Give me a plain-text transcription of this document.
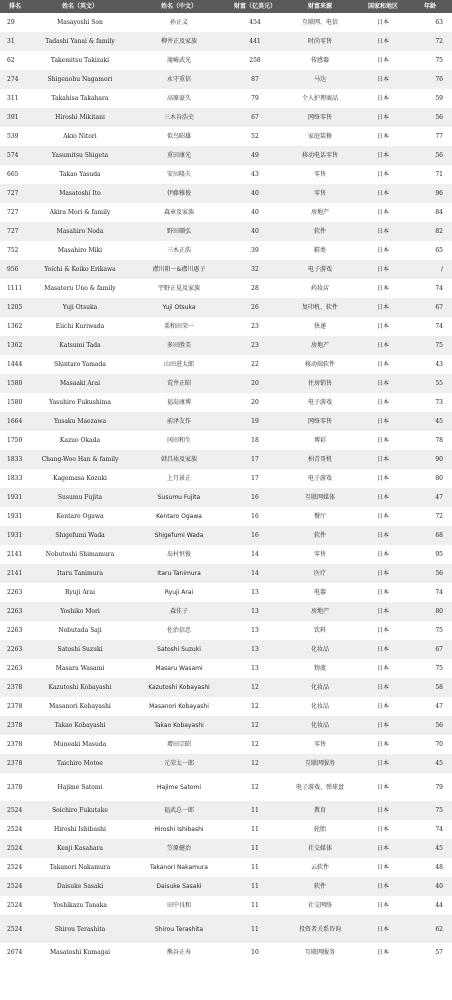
排名	姓名（英文）	姓名（中文）	财富（亿美元）	财富来源	国家和地区	年龄
29	Masayoshi Son	孙正义	454	互联网、电信	日本	63
31	Tadashi Yanai & family	柳井正及家族	441	时尚零售	日本	72
62	Takemitsu Takizaki	滝崎武光	258	传感器	日本	75
274	Shigenobu Nagamori	永守重信	87	马达	日本	76
311	Takahisa Takahara	高原豪久	79	个人护理商品	日本	59
391	Hiroshi Mikitani	三木谷浩史	67	网络零售	日本	56
539	Akio Nitori	似鸟昭雄	52	家庭装修	日本	77
574	Yasumitsu Shigeta	重田康光	49	移动电话零售	日本	56
665	Takao Yasuda	安田隆夫	43	零售	日本	71
727	Masatoshi Ito	伊藤雅俊	40	零售	日本	96
727	Akira Mori & family	森章及家族	40	房地产	日本	84
727	Masahiro Noda	野田顺弘	40	软件	日本	82
752	Masahiro Miki	三木正浩	39	鞋类	日本	65
956	Yoichi & Keiko Erikawa	襟川阳一&襟川惠子	32	电子游戏	日本	/
1111	Masateru Uno & family	宇野正晃及家族	28	药妆店	日本	74
1205	Yuji Otsuka	Yuji Otsuka	26	复印机、软件	日本	67
1362	Eiichi Kuriwada	栗和田荣一	23	快递	日本	74
1362	Katsumi Tada	多田胜美	23	房地产	日本	75
1444	Shintaro Yamada	山田进太郎	22	移动端软件	日本	43
1580	Masaaki Arai	荒井正昭	20	住房销售	日本	55
1580	Yasuhiro Fukushima	福岛康博	20	电子游戏	日本	73
1664	Yusaku Maezawa	前泽友作	19	网络零售	日本	45
1750	Kazuo Okada	冈田和生	18	博彩	日本	78
1833	Chang-Woo Han & family	韩昌祐及家族	17	柏青哥机	日本	90
1833	Kagemasa Kozuki	上月景正	17	电子游戏	日本	80
1931	Susumu Fujita	Susumu Fujita	16	互联网媒体	日本	47
1931	Kentaro Ogawa	Kentaro Ogawa	16	餐厅	日本	72
1931	Shigefumi Wada	Shigefumi Wada	16	软件	日本	68
2141	Nobutoshi Shimamura	岛村恒俊	14	零售	日本	95
2141	Itaru Tanimura	Itaru Tanimura	14	医疗	日本	56
2263	Ryuji Arai	Ryuji Arai	13	电器	日本	74
2263	Yoshiko Mori	森佳子	13	房地产	日本	80
2263	Nobutada Saji	佐治信忠	13	饮料	日本	75
2263	Satoshi Suzuki	Satoshi Suzuki	13	化妆品	日本	67
2263	Masaru Wasami	Masaru Wasami	13	物流	日本	75
2378	Kazutoshi Kobayashi	Kazutoshi Kobayashi	12	化妆品	日本	58
2378	Masanori Kobayashi	Masanori Kobayashi	12	化妆品	日本	47
2378	Takao Kobayashi	Takao Kobayashi	12	化妆品	日本	56
2378	Muneaki Masuda	增田宗昭	12	零售	日本	70
2378	Taichiro Motoe	元荣太一郎	12	互联网服务	日本	45
2378	Hajime Satomi	Hajime Satomi	12	电子游戏、弹球盘	日本	79
2524	Soichiro Fukutake	福武总一郎	11	教育	日本	75
2524	Hiroshi Ishibashi	Hiroshi Ishibashi	11	轮胎	日本	74
2524	Kenji Kasahara	笠原健治	11	社交媒体	日本	45
2524	Takanori Nakamura	Takanori Nakamura	11	云软件	日本	48
2524	Daisuke Sasaki	Daisuke Sasaki	11	软件	日本	40
2524	Yoshikazu Tanaka	田中良和	11	社交网络	日本	44
2524	Shirou Terashita	Shirou Terashita	11	投资者关系咨询	日本	62
2674	Masatoshi Kumagai	熊谷正寿	10	互联网服务	日本	57
